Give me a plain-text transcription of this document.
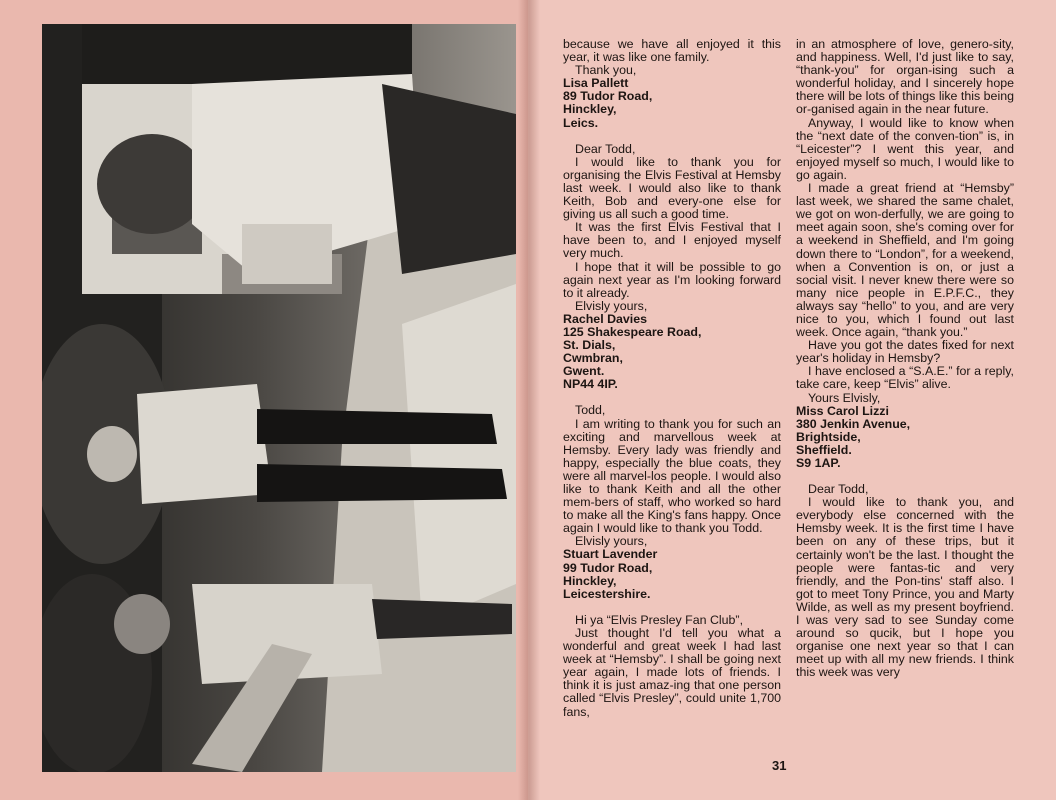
because we have all enjoyed it this year, it was like one family.

Thank you,

Lisa Pallett

89 Tudor Road,

Hinckley,

Leics.

Dear Todd,

I would like to thank you for organising the Elvis Festival at Hemsby last week. I would also like to thank Keith, Bob and every-one else for giving us all such a good time.

It was the first Elvis Festival that I have been to, and I enjoyed myself very much.

I hope that it will be possible to go again next year as I'm looking forward to it already.

Elvisly yours,

Rachel Davies

125 Shakespeare Road,

St. Dials,

Cwmbran,

Gwent.

NP44 4IP.

Todd,

I am writing to thank you for such an exciting and marvellous week at Hemsby. Every lady was friendly and happy, especially the blue coats, they were all marvel-los people. I would also like to thank Keith and all the other mem-bers of staff, who worked so hard to make all the King's fans happy. Once again I would like to thank you Todd.

Elvisly yours,

Stuart Lavender

99 Tudor Road,

Hinckley,

Leicestershire.

Hi ya “Elvis Presley Fan Club”,

Just thought I'd tell you what a wonderful and great week I had last week at “Hemsby”. I shall be going next year again, I made lots of friends. I think it is just amaz-ing that one person called “Elvis Presley”, could unite 1,700 fans,

in an atmosphere of love, genero-sity, and happiness. Well, I'd just like to say, “thank-you” for organ-ising such a wonderful holiday, and I sincerely hope there will be lots of things like this being or-ganised again in the near future.

Anyway, I would like to know when the “next date of the conven-tion” is, in “Leicester”? I went this year, and enjoyed myself so much, I would like to go again.

I made a great friend at “Hemsby” last week, we shared the same chalet, we got on won-derfully, we are going to meet again soon, she's coming over for a weekend in Sheffield, and I'm going down there to “London”, for a weekend, when a Convention is on, or just a social visit. I never knew there were so many nice people in E.P.F.C., they always say “hello” to you, and are very nice to you, which I found out last week. Once again, “thank you.”

Have you got the dates fixed for next year's holiday in Hemsby?

I have enclosed a “S.A.E.” for a reply, take care, keep “Elvis” alive.

Yours Elvisly,

Miss Carol Lizzi

380 Jenkin Avenue,

Brightside,

Sheffield.

S9 1AP.

Dear Todd,

I would like to thank you, and everybody else concerned with the Hemsby week. It is the first time I have been on any of these trips, but it certainly won't be the last. I thought the people were fantas-tic and very friendly, and the Pon-tins' staff also. I got to meet Tony Prince, you and Marty Wilde, as well as my present boyfriend. I was very sad to see Sunday come around so qucik, but I hope you organise one next year so that I can meet up with all my new friends. I think this week was very

31
